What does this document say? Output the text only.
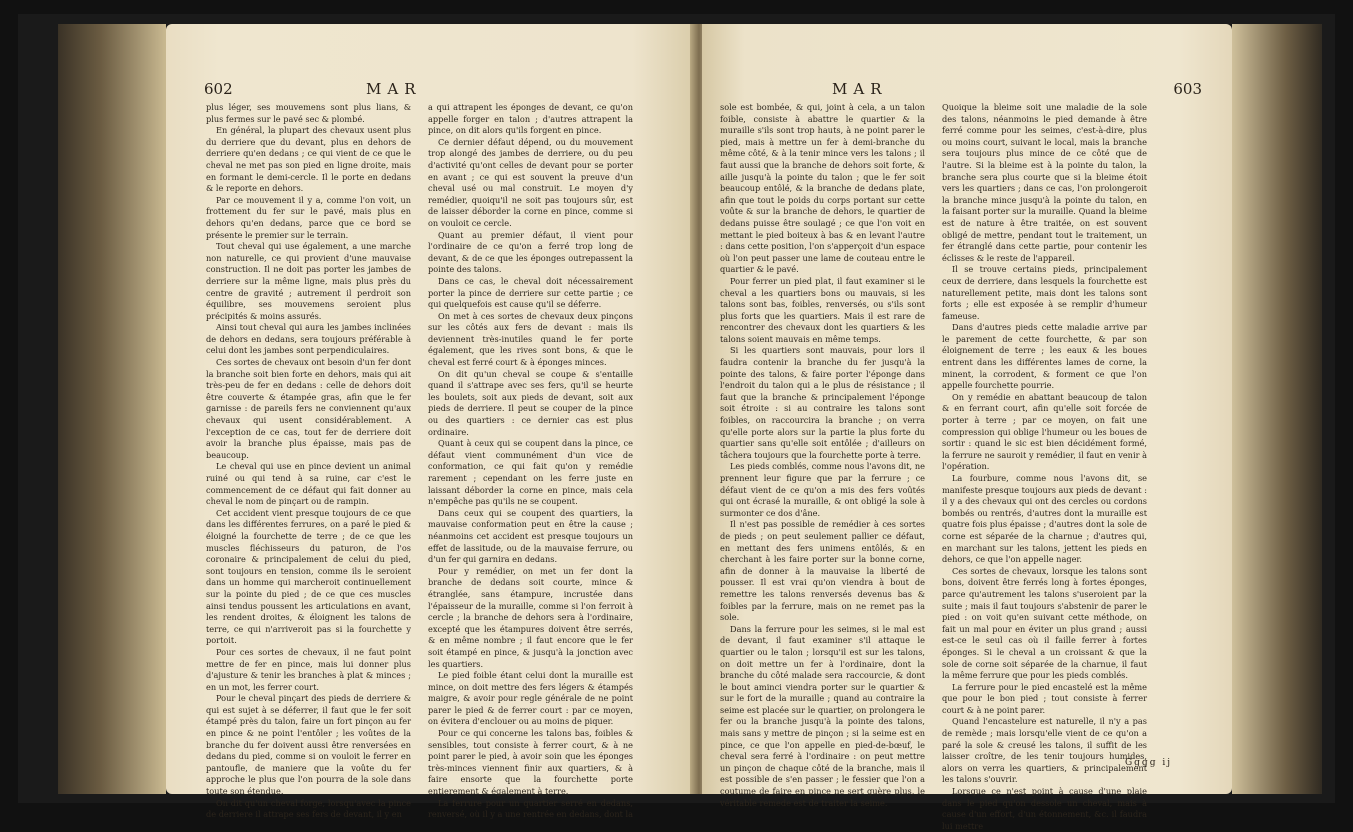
602	MAR

plus léger, ses mouvemens sont plus lians, & plus fermes sur le pavé sec & plombé.

En général, la plupart des chevaux usent plus du derriere que du devant, plus en dehors de derriere qu'en dedans ; ce qui vient de ce que le cheval ne met pas son pied en ligne droite, mais en formant le demi-cercle. Il le porte en dedans & le reporte en dehors.

Par ce mouvement il y a, comme l'on voit, un frottement du fer sur le pavé, mais plus en dehors qu'en dedans, parce que ce bord se présente le premier sur le terrain.

Tout cheval qui use également, a une marche non naturelle, ce qui provient d'une mauvaise construction. Il ne doit pas porter les jambes de derriere sur la même ligne, mais plus près du centre de gravité ; autrement il perdroit son équilibre, ses mouvemens seroient plus précipités & moins assurés.

Ainsi tout cheval qui aura les jambes inclinées de dehors en dedans, sera toujours préférable à celui dont les jambes sont perpendiculaires.

Ces sortes de chevaux ont besoin d'un fer dont la branche soit bien forte en dehors, mais qui ait très-peu de fer en dedans : celle de dehors doit être couverte & étampée gras, afin que le fer garnisse : de pareils fers ne conviennent qu'aux chevaux qui usent considérablement. A l'exception de ce cas, tout fer de derriere doit avoir la branche plus épaisse, mais pas de beaucoup.

Le cheval qui use en pince devient un animal ruiné ou qui tend à sa ruine, car c'est le commencement de ce défaut qui fait donner au cheval le nom de pinçart ou de rampin.

Cet accident vient presque toujours de ce que dans les différentes ferrures, on a paré le pied & éloigné la fourchette de terre ; de ce que les muscles fléchisseurs du paturon, de l'os coronaire & principalement de celui du pied, sont toujours en tension, comme ils le seroient dans un homme qui marcheroit continuellement sur la pointe du pied ; de ce que ces muscles ainsi tendus poussent les articulations en avant, les rendent droites, & éloignent les talons de terre, ce qui n'arriveroit pas si la fourchette y portoit.

Pour ces sortes de chevaux, il ne faut point mettre de fer en pince, mais lui donner plus d'ajusture & tenir les branches à plat & minces ; en un mot, les ferrer court.

Pour le cheval pinçart des pieds de derriere & qui est sujet à se déferrer, il faut que le fer soit étampé près du talon, faire un fort pinçon au fer en pince & ne point l'entôler ; les voûtes de la branche du fer doivent aussi être renversées en dedans du pied, comme si on vouloit le ferrer en pantoufle, de maniere que la voûte du fer approche le plus que l'on pourra de la sole dans toute son étendue.

On dit qu'un cheval forge, lorsqu'avec la pince de derriere il attrape ses fers de devant, il y en

a qui attrapent les éponges de devant, ce qu'on appelle forger en talon ; d'autres attrapent la pince, on dit alors qu'ils forgent en pince.

Ce dernier défaut dépend, ou du mouvement trop alongé des jambes de derriere, ou du peu d'activité qu'ont celles de devant pour se porter en avant ; ce qui est souvent la preuve d'un cheval usé ou mal construit. Le moyen d'y remédier, quoiqu'il ne soit pas toujours sûr, est de laisser déborder la corne en pince, comme si on vouloit ce cercle.

Quant au premier défaut, il vient pour l'ordinaire de ce qu'on a ferré trop long de devant, & de ce que les éponges outrepassent la pointe des talons.

Dans ce cas, le cheval doit nécessairement porter la pince de derriere sur cette partie ; ce qui quelquefois est cause qu'il se déferre.

On met à ces sortes de chevaux deux pinçons sur les côtés aux fers de devant : mais ils deviennent très-inutiles quand le fer porte également, que les rives sont bons, & que le cheval est ferré court & à éponges minces.

On dit qu'un cheval se coupe & s'entaille quand il s'attrape avec ses fers, qu'il se heurte les boulets, soit aux pieds de devant, soit aux pieds de derriere. Il peut se couper de la pince ou des quartiers : ce dernier cas est plus ordinaire.

Quant à ceux qui se coupent dans la pince, ce défaut vient communément d'un vice de conformation, ce qui fait qu'on y remédie rarement ; cependant on les ferre juste en laissant déborder la corne en pince, mais cela n'empêche pas qu'ils ne se coupent.

Dans ceux qui se coupent des quartiers, la mauvaise conformation peut en être la cause ; néanmoins cet accident est presque toujours un effet de lassitude, ou de la mauvaise ferrure, ou d'un fer qui garnira en dedans.

Pour y remédier, on met un fer dont la branche de dedans soit courte, mince & étranglée, sans étampure, incrustée dans l'épaisseur de la muraille, comme si l'on ferroit à cercle ; la branche de dehors sera à l'ordinaire, excepté que les étampures doivent être serrés, & en même nombre ; il faut encore que le fer soit étampé en pince, & jusqu'à la jonction avec les quartiers.

Le pied foible étant celui dont la muraille est mince, on doit mettre des fers légers & étampés maigre, & avoir pour regle générale de ne point parer le pied & de ferrer court : par ce moyen, on évitera d'enclouer ou au moins de piquer.

Pour ce qui concerne les talons bas, foibles & sensibles, tout consiste à ferrer court, & à ne point parer le pied, à avoir soin que les éponges très-minces viennent finir aux quartiers, & à faire ensorte que la fourchette porte entierement & également à terre.

La ferrure pour un quartier serré en dedans, renversé, où il y a une rentrée en dedans, dont la

MAR	603

sole est bombée, & qui, joint à cela, a un talon foible, consiste à abattre le quartier & la muraille s'ils sont trop hauts, à ne point parer le pied, mais à mettre un fer à demi-branche du même côté, & à la tenir mince vers les talons ; il faut aussi que la branche de dehors soit forte, & aille jusqu'à la pointe du talon ; que le fer soit beaucoup entôlé, & la branche de dedans plate, afin que tout le poids du corps portant sur cette voûte & sur la branche de dehors, le quartier de dedans puisse être soulagé ; ce que l'on voit en mettant le pied boiteux à bas & en levant l'autre : dans cette position, l'on s'apperçoit d'un espace où l'on peut passer une lame de couteau entre le quartier & le pavé.

Pour ferrer un pied plat, il faut examiner si le cheval a les quartiers bons ou mauvais, si les talons sont bas, foibles, renversés, ou s'ils sont plus forts que les quartiers. Mais il est rare de rencontrer des chevaux dont les quartiers & les talons soient mauvais en même temps.

Si les quartiers sont mauvais, pour lors il faudra contenir la branche du fer jusqu'à la pointe des talons, & faire porter l'éponge dans l'endroit du talon qui a le plus de résistance ; il faut que la branche & principalement l'éponge soit étroite : si au contraire les talons sont foibles, on raccourcira la branche ; on verra qu'elle porte alors sur la partie la plus forte du quartier sans qu'elle soit entôlée ; d'ailleurs on tâchera toujours que la fourchette porte à terre.

Les pieds comblés, comme nous l'avons dit, ne prennent leur figure que par la ferrure ; ce défaut vient de ce qu'on a mis des fers voûtés qui ont écrasé la muraille, & ont obligé la sole à surmonter ce dos d'âne.

Il n'est pas possible de remédier à ces sortes de pieds ; on peut seulement pallier ce défaut, en mettant des fers unimens entôlés, & en cherchant à les faire porter sur la bonne corne, afin de donner à la mauvaise la liberté de pousser. Il est vrai qu'on viendra à bout de remettre les talons renversés devenus bas & foibles par la ferrure, mais on ne remet pas la sole.

Dans la ferrure pour les seimes, si le mal est de devant, il faut examiner s'il attaque le quartier ou le talon ; lorsqu'il est sur les talons, on doit mettre un fer à l'ordinaire, dont la branche du côté malade sera raccourcie, & dont le bout aminci viendra porter sur le quartier & sur le fort de la muraille ; quand au contraire la seime est placée sur le quartier, on prolongera le fer ou la branche jusqu'à la pointe des talons, mais sans y mettre de pinçon ; si la seime est en pince, ce que l'on appelle en pied-de-bœuf, le cheval sera ferré à l'ordinaire : on peut mettre un pinçon de chaque côté de la branche, mais il est possible de s'en passer ; le fessier que l'on a coutume de faire en pince ne sert guère plus, le véritable remede est de traiter la seime.

Quoique la bleime soit une maladie de la sole des talons, néanmoins le pied demande à être ferré comme pour les seimes, c'est-à-dire, plus ou moins court, suivant le local, mais la branche sera toujours plus mince de ce côté que de l'autre. Si la bleime est à la pointe du talon, la branche sera plus courte que si la bleime étoit vers les quartiers ; dans ce cas, l'on prolongeroit la branche mince jusqu'à la pointe du talon, en la faisant porter sur la muraille. Quand la bleime est de nature à être traitée, on est souvent obligé de mettre, pendant tout le traitement, un fer étranglé dans cette partie, pour contenir les éclisses & le reste de l'appareil.

Il se trouve certains pieds, principalement ceux de derriere, dans lesquels la fourchette est naturellement petite, mais dont les talons sont forts ; elle est exposée à se remplir d'humeur fameuse.

Dans d'autres pieds cette maladie arrive par le parement de cette fourchette, & par son éloignement de terre ; les eaux & les boues entrent dans les différentes lames de corne, la minent, la corrodent, & forment ce que l'on appelle fourchette pourrie.

On y remédie en abattant beaucoup de talon & en ferrant court, afin qu'elle soit forcée de porter à terre ; par ce moyen, on fait une compression qui oblige l'humeur ou les boues de sortir : quand le sic est bien décidément formé, la ferrure ne sauroit y remédier, il faut en venir à l'opération.

La fourbure, comme nous l'avons dit, se manifeste presque toujours aux pieds de devant : il y a des chevaux qui ont des cercles ou cordons bombés ou rentrés, d'autres dont la muraille est quatre fois plus épaisse ; d'autres dont la sole de corne est séparée de la charnue ; d'autres qui, en marchant sur les talons, jettent les pieds en dehors, ce que l'on appelle nager.

Ces sortes de chevaux, lorsque les talons sont bons, doivent être ferrés long à fortes éponges, parce qu'autrement les talons s'useroient par la suite ; mais il faut toujours s'abstenir de parer le pied : on voit qu'en suivant cette méthode, on fait un mal pour en éviter un plus grand ; aussi est-ce le seul cas où il faille ferrer à fortes éponges. Si le cheval a un croissant & que la sole de corne soit séparée de la charnue, il faut la même ferrure que pour les pieds comblés.

La ferrure pour le pied encastelé est la même que pour le bon pied ; tout consiste à ferrer court & à ne point parer.

Quand l'encastelure est naturelle, il n'y a pas de remède ; mais lorsqu'elle vient de ce qu'on a paré la sole & creusé les talons, il suffit de les laisser croître, de les tenir toujours humides, alors on verra les quartiers, & principalement les talons s'ouvrir.

Lorsque ce n'est point à cause d'une plaie dans le pied qu'on dessole un cheval, mais à cause d'un effort, d'un étonnement, &c. il faudra lui mettre

Gggg ij
